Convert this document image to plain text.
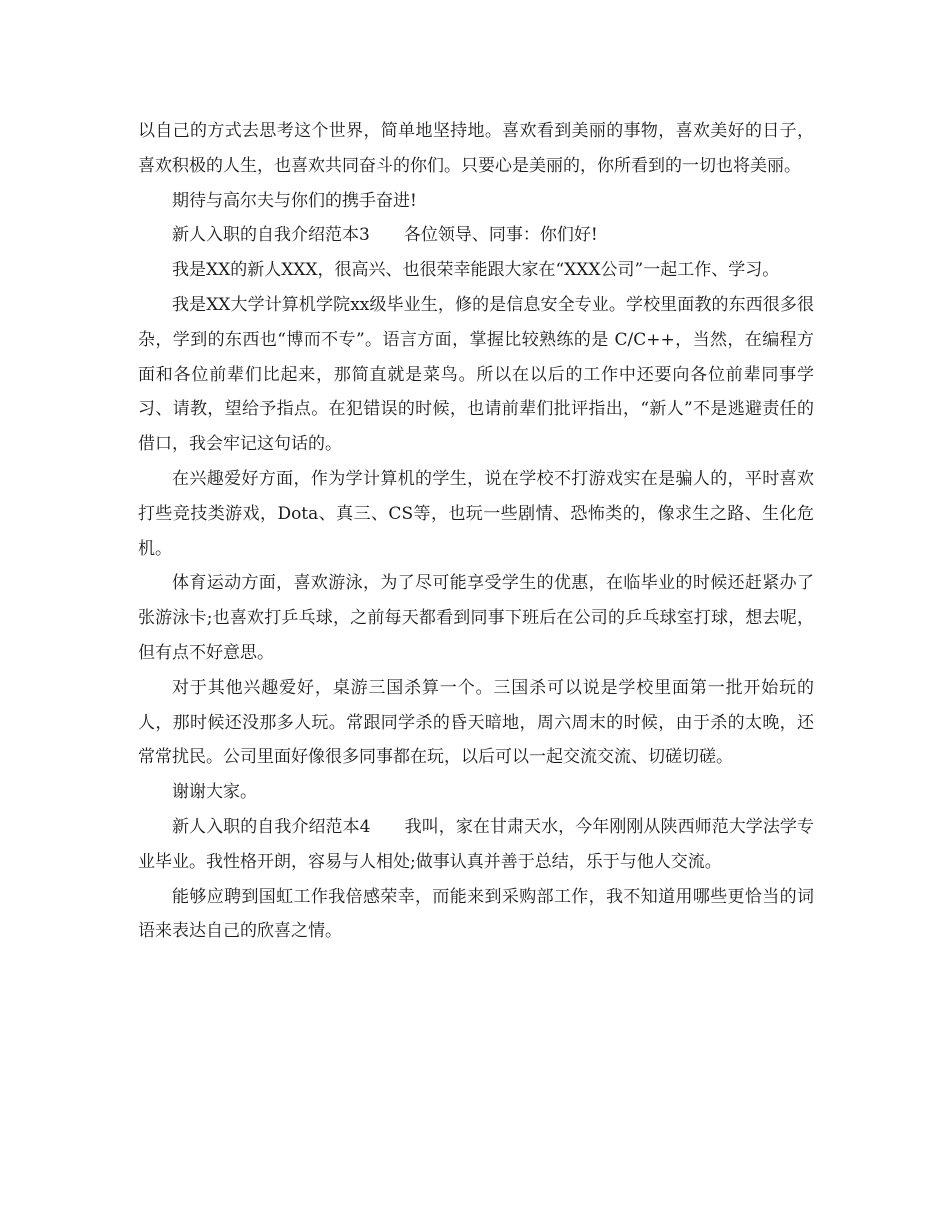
以自己的方式去思考这个世界，简单地坚持地。喜欢看到美丽的事物，喜欢美好的日子，喜欢积极的人生，也喜欢共同奋斗的你们。只要心是美丽的，你所看到的一切也将美丽。

期待与高尔夫与你们的携手奋进!

新人入职的自我介绍范本3　　各位领导、同事：你们好!

我是XX的新人XXX，很高兴、也很荣幸能跟大家在“XXX公司”一起工作、学习。

我是XX大学计算机学院xx级毕业生，修的是信息安全专业。学校里面教的东西很多很杂，学到的东西也“博而不专”。语言方面，掌握比较熟练的是 C/C++，当然，在编程方面和各位前辈们比起来，那简直就是菜鸟。所以在以后的工作中还要向各位前辈同事学习、请教，望给予指点。在犯错误的时候，也请前辈们批评指出，“新人”不是逃避责任的借口，我会牢记这句话的。

在兴趣爱好方面，作为学计算机的学生，说在学校不打游戏实在是骗人的，平时喜欢打些竞技类游戏，Dota、真三、CS等，也玩一些剧情、恐怖类的，像求生之路、生化危机。

体育运动方面，喜欢游泳，为了尽可能享受学生的优惠，在临毕业的时候还赶紧办了张游泳卡;也喜欢打乒乓球，之前每天都看到同事下班后在公司的乒乓球室打球，想去呢，但有点不好意思。

对于其他兴趣爱好，桌游三国杀算一个。三国杀可以说是学校里面第一批开始玩的人，那时候还没那多人玩。常跟同学杀的昏天暗地，周六周末的时候，由于杀的太晚，还常常扰民。公司里面好像很多同事都在玩，以后可以一起交流交流、切磋切磋。

谢谢大家。

新人入职的自我介绍范本4　　我叫，家在甘肃天水，今年刚刚从陕西师范大学法学专业毕业。我性格开朗，容易与人相处;做事认真并善于总结，乐于与他人交流。

能够应聘到国虹工作我倍感荣幸，而能来到采购部工作，我不知道用哪些更恰当的词语来表达自己的欣喜之情。
